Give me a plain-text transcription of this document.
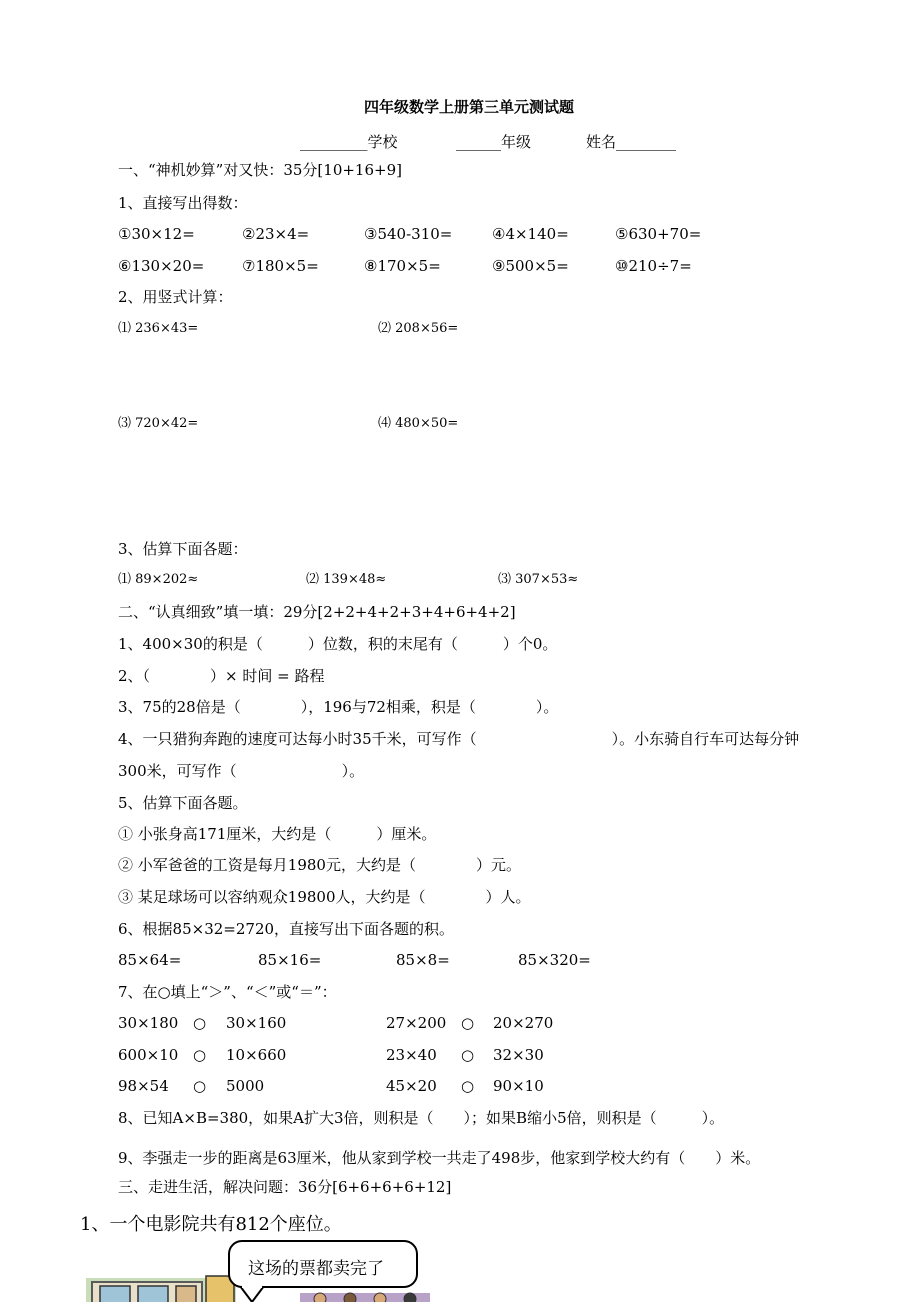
四年级数学上册第三单元测试题
_________学校	______年级	姓名________
一、“神机妙算”对又快：35分[10+16+9]
1、直接写出得数：
①30×12=	②23×4=	③540-310=	④4×140=	⑤630+70=
⑥130×20=	⑦180×5=	⑧170×5=	⑨500×5=	⑩210÷7=
2、用竖式计算：
⑴ 236×43=	⑵ 208×56=
⑶ 720×42=	⑷ 480×50=
3、估算下面各题：
⑴ 89×202≈	⑵ 139×48≈	⑶ 307×53≈
二、“认真细致”填一填：29分[2+2+4+2+3+4+6+4+2]
1、400×30的积是（　　　）位数，积的末尾有（　　　）个0。
2、（　　　　）× 时间 = 路程
3、75的28倍是（　　　　），196与72相乘，积是（　　　　）。
4、一只猎狗奔跑的速度可达每小时35千米，可写作（　　　　　　　　　）。小东骑自行车可达每分钟
300米，可写作（　　　　　　　）。
5、估算下面各题。
① 小张身高171厘米，大约是（　　　）厘米。
② 小军爸爸的工资是每月1980元，大约是（　　　　）元。
③ 某足球场可以容纳观众19800人，大约是（　　　　）人。
6、根据85×32=2720，直接写出下面各题的积。
85×64=	85×16=	85×8=	85×320=
7、在○填上“＞”、“＜”或“＝”：
30×180 ○ 30×160	27×200 ○ 20×270
600×10 ○ 10×660	23×40 ○ 32×30
98×54 ○ 5000	45×20 ○ 90×10
8、已知A×B=380，如果A扩大3倍，则积是（　　）；如果B缩小5倍，则积是（　　　）。
9、李强走一步的距离是63厘米，他从家到学校一共走了498步，他家到学校大约有（　　）米。
三、走进生活，解决问题：36分[6+6+6+6+12]
1、一个电影院共有812个座位。
这场的票都卖完了
